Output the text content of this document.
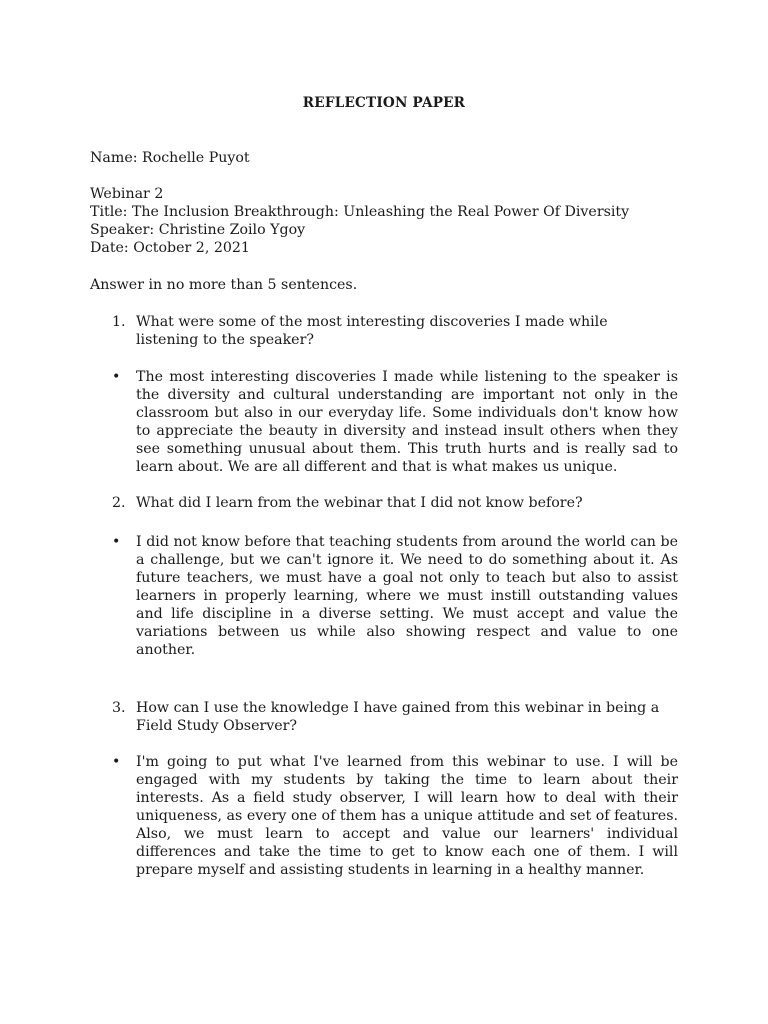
REFLECTION PAPER
Name: Rochelle Puyot
Webinar 2
Title: The Inclusion Breakthrough: Unleashing the Real Power Of Diversity
Speaker: Christine Zoilo Ygoy
Date: October 2, 2021
Answer in no more than 5 sentences.
1. What were some of the most interesting discoveries I made while listening to the speaker?
• The most interesting discoveries I made while listening to the speaker is the diversity and cultural understanding are important not only in the classroom but also in our everyday life. Some individuals don't know how to appreciate the beauty in diversity and instead insult others when they see something unusual about them. This truth hurts and is really sad to learn about. We are all different and that is what makes us unique.
2. What did I learn from the webinar that I did not know before?
• I did not know before that teaching students from around the world can be a challenge, but we can't ignore it. We need to do something about it. As future teachers, we must have a goal not only to teach but also to assist learners in properly learning, where we must instill outstanding values and life discipline in a diverse setting. We must accept and value the variations between us while also showing respect and value to one another.
3. How can I use the knowledge I have gained from this webinar in being a Field Study Observer?
• I'm going to put what I've learned from this webinar to use. I will be engaged with my students by taking the time to learn about their interests. As a field study observer, I will learn how to deal with their uniqueness, as every one of them has a unique attitude and set of features. Also, we must learn to accept and value our learners' individual differences and take the time to get to know each one of them. I will prepare myself and assisting students in learning in a healthy manner.
